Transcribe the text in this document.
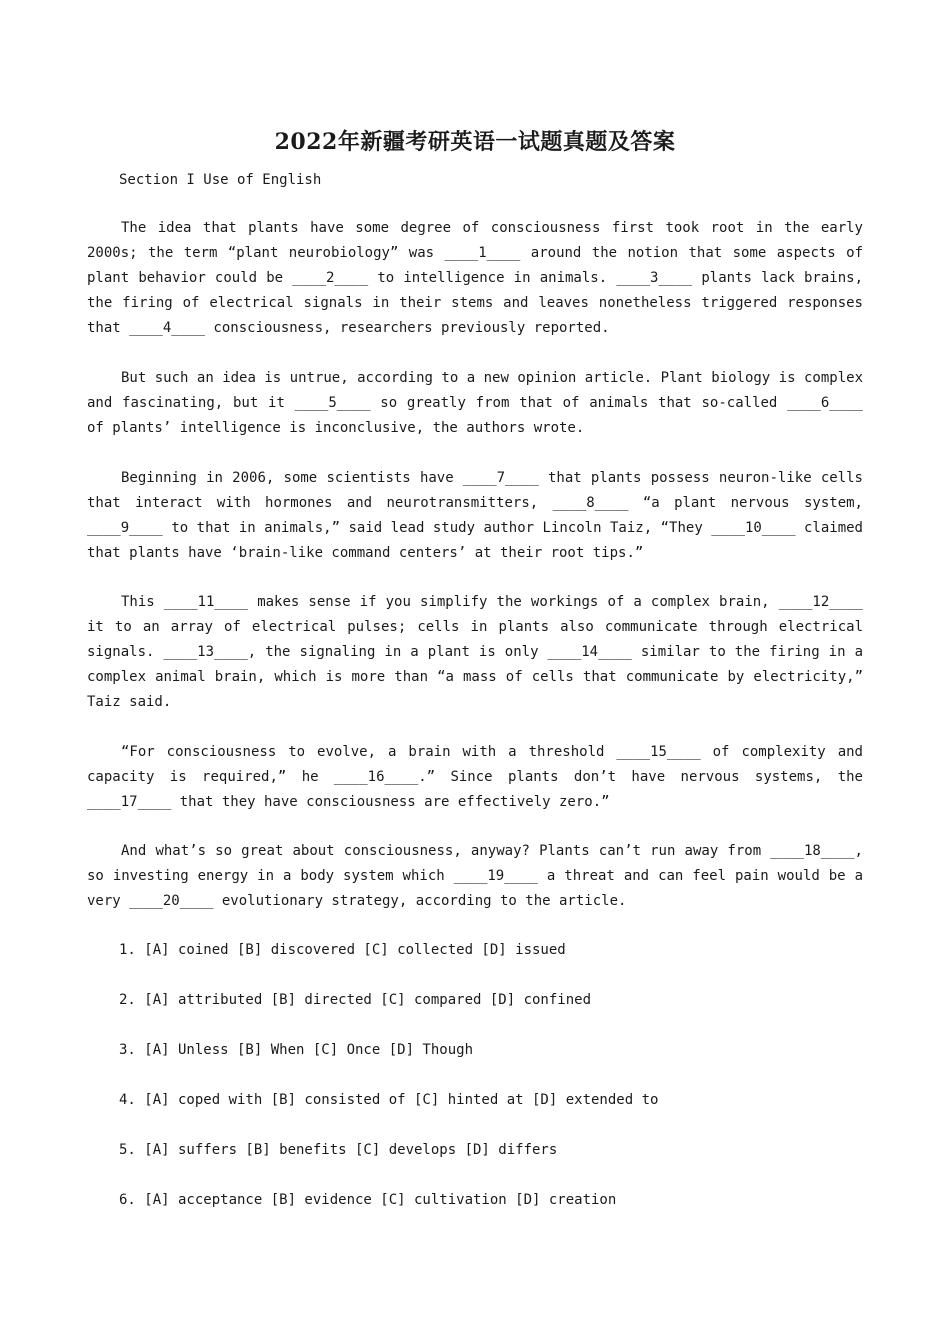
2022年新疆考研英语一试题真题及答案
Section I Use of English

The idea that plants have some degree of consciousness first took root in the early 2000s; the term “plant neurobiology” was ____1____ around the notion that some aspects of plant behavior could be ____2____ to intelligence in animals. ____3____ plants lack brains, the firing of electrical signals in their stems and leaves nonetheless triggered responses that ____4____ consciousness, researchers previously reported.

But such an idea is untrue, according to a new opinion article. Plant biology is complex and fascinating, but it ____5____ so greatly from that of animals that so-called ____6____ of plants’ intelligence is inconclusive, the authors wrote.

Beginning in 2006, some scientists have ____7____ that plants possess neuron-like cells that interact with hormones and neurotransmitters, ____8____ “a plant nervous system, ____9____ to that in animals,” said lead study author Lincoln Taiz, “They ____10____ claimed that plants have ‘brain-like command centers’ at their root tips.”

This ____11____ makes sense if you simplify the workings of a complex brain, ____12____ it to an array of electrical pulses; cells in plants also communicate through electrical signals. ____13____, the signaling in a plant is only ____14____ similar to the firing in a complex animal brain, which is more than “a mass of cells that communicate by electricity,” Taiz said.

“For consciousness to evolve, a brain with a threshold ____15____ of complexity and capacity is required,” he ____16____.” Since plants don’t have nervous systems, the ____17____ that they have consciousness are effectively zero.”

And what’s so great about consciousness, anyway? Plants can’t run away from ____18____, so investing energy in a body system which ____19____ a threat and can feel pain would be a very ____20____ evolutionary strategy, according to the article.

1. [A] coined [B] discovered [C] collected [D] issued
2. [A] attributed [B] directed [C] compared [D] confined
3. [A] Unless [B] When [C] Once [D] Though
4. [A] coped with [B] consisted of [C] hinted at [D] extended to
5. [A] suffers [B] benefits [C] develops [D] differs
6. [A] acceptance [B] evidence [C] cultivation [D] creation
